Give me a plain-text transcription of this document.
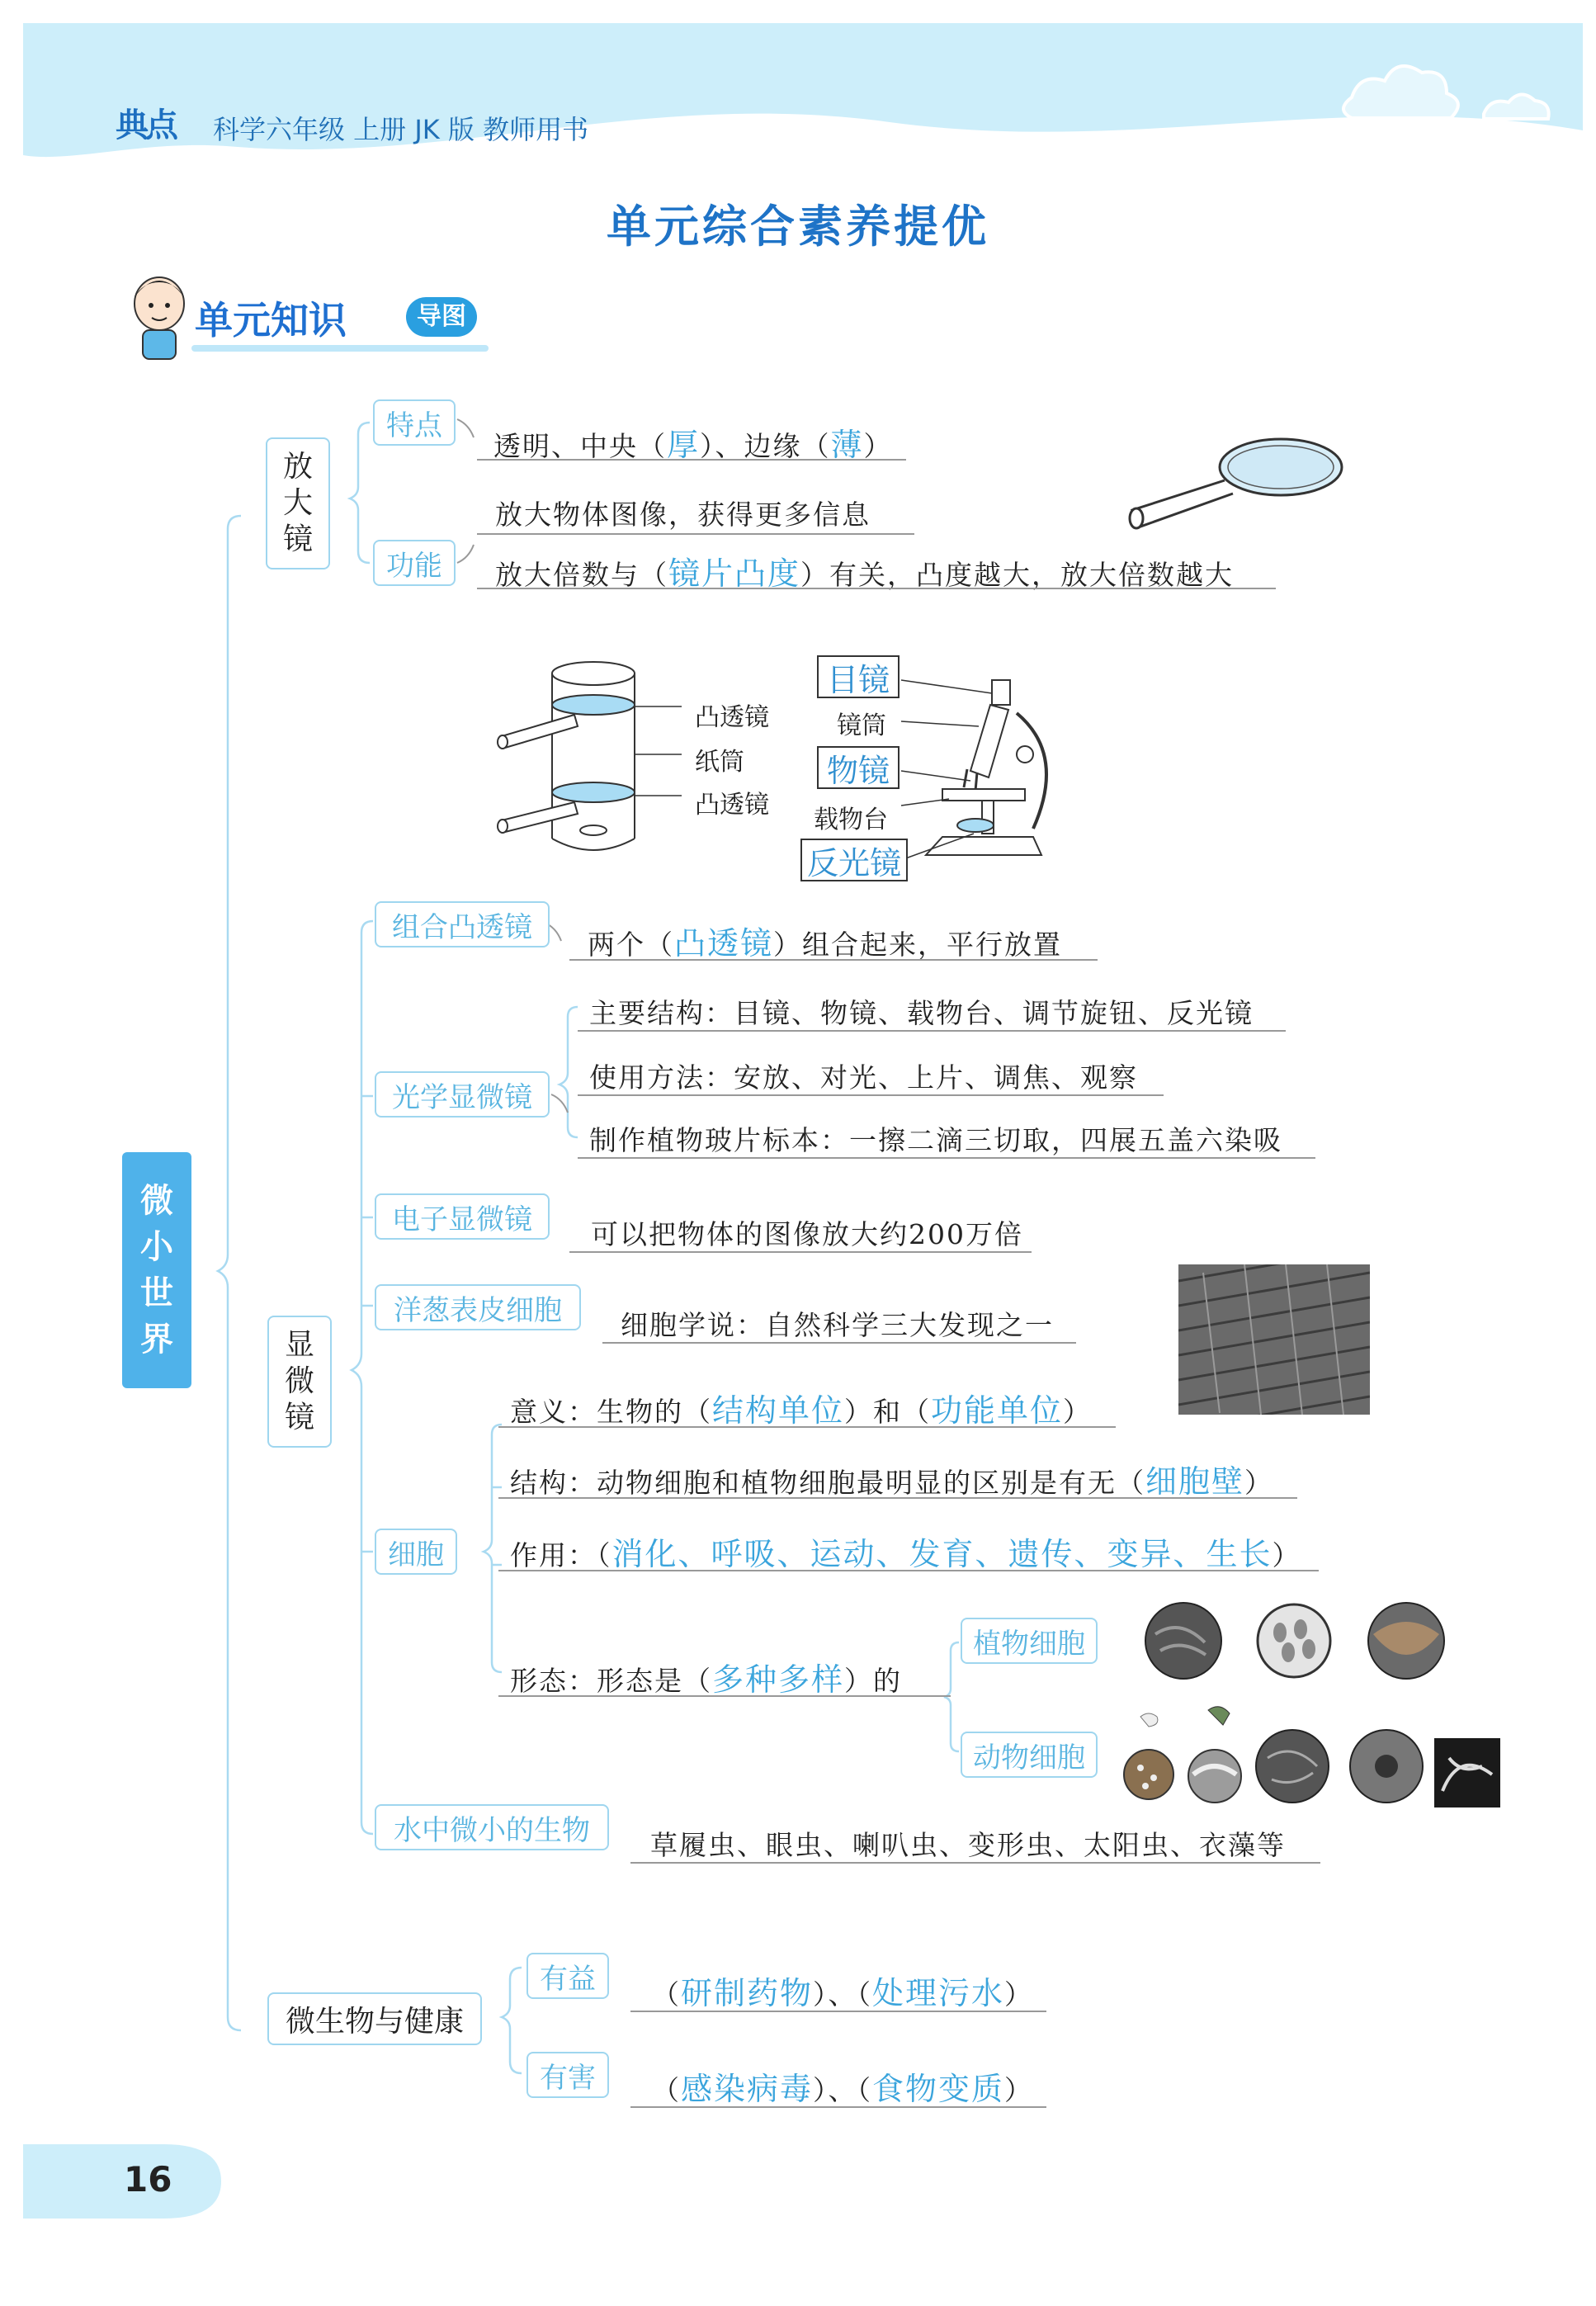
典点 科学六年级 上册 JK 版 教师用书
单元综合素养提优
单元知识	导图
微
小
世
界

放
大
镜

特点
透明、中央（厚）、边缘（薄）
功能
放大物体图像，获得更多信息
放大倍数与（镜片凸度）有关，凸度越大，放大倍数越大
凸透镜
纸筒
凸透镜
目镜
镜筒
物镜
载物台
反光镜
显
微
镜

组合凸透镜
两个（凸透镜）组合起来，平行放置
光学显微镜
主要结构：目镜、物镜、载物台、调节旋钮、反光镜
使用方法：安放、对光、上片、调焦、观察
制作植物玻片标本：一擦二滴三切取，四展五盖六染吸
电子显微镜 可以把物体的图像放大约200万倍
洋葱表皮细胞 细胞学说：自然科学三大发现之一
细胞
意义：生物的（结构单位）和（功能单位）
结构：动物细胞和植物细胞最明显的区别是有无（细胞壁）
作用：（消化、呼吸、运动、发育、遗传、变异、生长）
形态：形态是（多种多样）的
植物细胞
动物细胞
水中微小的生物 草履虫、眼虫、喇叭虫、变形虫、太阳虫、衣藻等
微生物与健康
有益 （研制药物）、（处理污水）
有害 （感染病毒）、（食物变质）
16
